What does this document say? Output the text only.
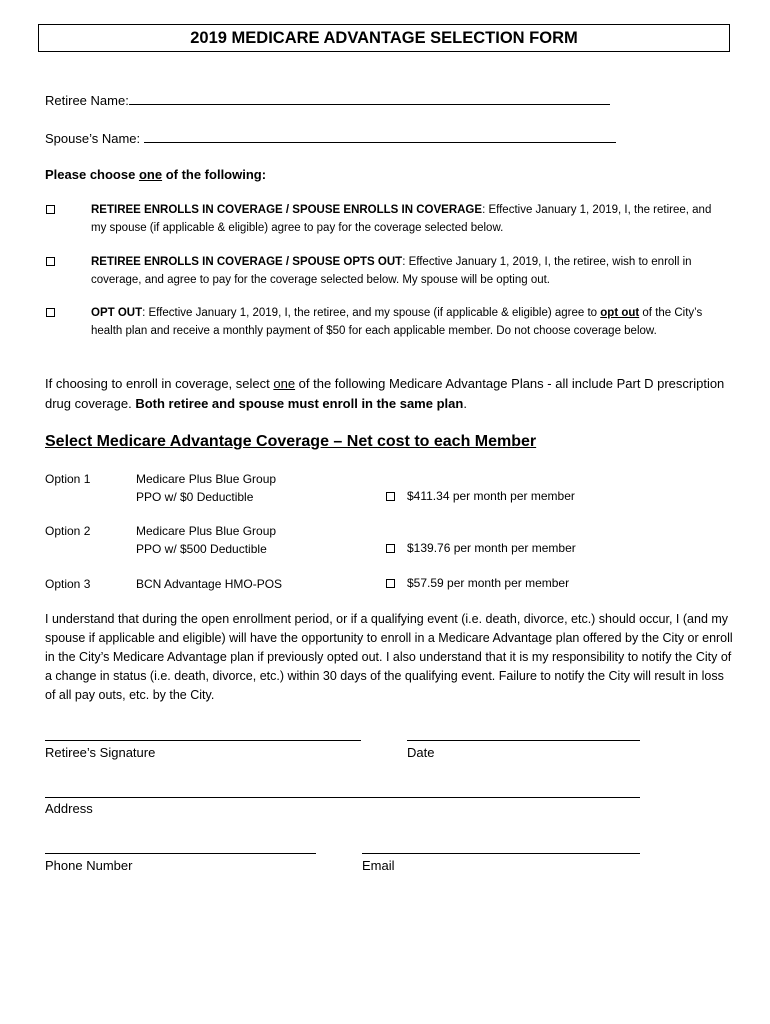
2019 MEDICARE ADVANTAGE SELECTION FORM
Retiree Name:
Spouse’s Name:
Please choose one of the following:
RETIREE ENROLLS IN COVERAGE / SPOUSE ENROLLS IN COVERAGE: Effective January 1, 2019, I, the retiree, and my spouse (if applicable & eligible) agree to pay for the coverage selected below.
RETIREE ENROLLS IN COVERAGE / SPOUSE OPTS OUT: Effective January 1, 2019, I, the retiree, wish to enroll in coverage, and agree to pay for the coverage selected below. My spouse will be opting out.
OPT OUT: Effective January 1, 2019, I, the retiree, and my spouse (if applicable & eligible) agree to opt out of the City’s health plan and receive a monthly payment of $50 for each applicable member. Do not choose coverage below.
If choosing to enroll in coverage, select one of the following Medicare Advantage Plans - all include Part D prescription drug coverage. Both retiree and spouse must enroll in the same plan.
Select Medicare Advantage Coverage – Net cost to each Member
Option 1	Medicare Plus Blue Group
PPO w/ $0 Deductible	$411.34 per month per member
Option 2	Medicare Plus Blue Group
PPO w/ $500 Deductible	$139.76 per month per member
Option 3	BCN Advantage HMO-POS	$57.59 per month per member
I understand that during the open enrollment period, or if a qualifying event (i.e. death, divorce, etc.) should occur, I (and my spouse if applicable and eligible) will have the opportunity to enroll in a Medicare Advantage plan offered by the City or enroll in the City’s Medicare Advantage plan if previously opted out. I also understand that it is my responsibility to notify the City of a change in status (i.e. death, divorce, etc.) within 30 days of the qualifying event. Failure to notify the City will result in loss of all pay outs, etc. by the City.
Retiree’s Signature	Date
Address
Phone Number	Email
